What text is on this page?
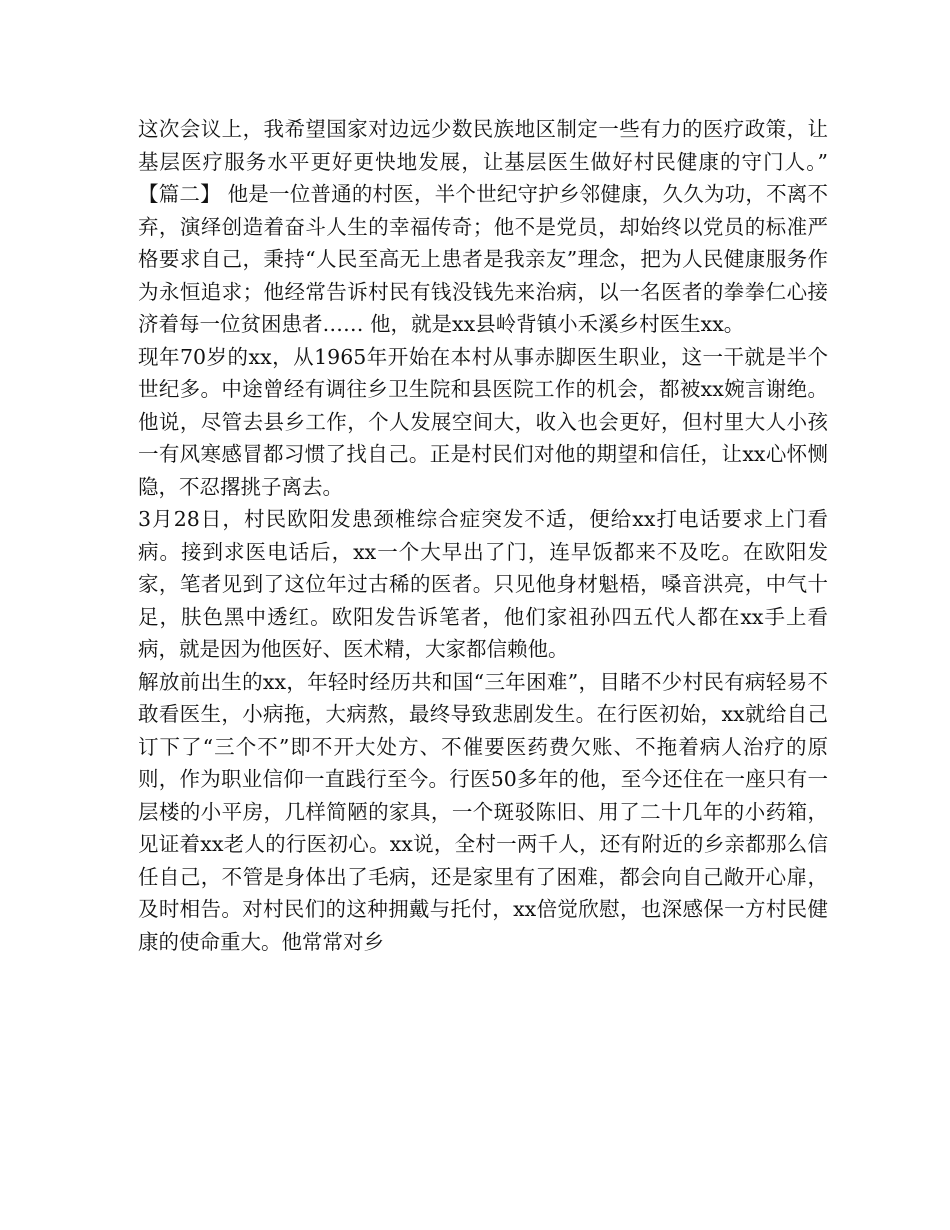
这次会议上，我希望国家对边远少数民族地区制定一些有力的医疗政策，让基层医疗服务水平更好更快地发展，让基层医生做好村民健康的守门人。” 【篇二】 他是一位普通的村医，半个世纪守护乡邻健康，久久为功，不离不弃，演绎创造着奋斗人生的幸福传奇；他不是党员，却始终以党员的标准严格要求自己，秉持“人民至高无上患者是我亲友”理念，把为人民健康服务作为永恒追求；他经常告诉村民有钱没钱先来治病，以一名医者的拳拳仁心接济着每一位贫困患者…… 他，就是xx县岭背镇小禾溪乡村医生xx。

现年70岁的xx，从1965年开始在本村从事赤脚医生职业，这一干就是半个世纪多。中途曾经有调往乡卫生院和县医院工作的机会，都被xx婉言谢绝。他说，尽管去县乡工作，个人发展空间大，收入也会更好，但村里大人小孩一有风寒感冒都习惯了找自己。正是村民们对他的期望和信任，让xx心怀恻隐，不忍撂挑子离去。

3月28日，村民欧阳发患颈椎综合症突发不适，便给xx打电话要求上门看病。接到求医电话后，xx一个大早出了门，连早饭都来不及吃。在欧阳发家，笔者见到了这位年过古稀的医者。只见他身材魁梧，嗓音洪亮，中气十足，肤色黑中透红。欧阳发告诉笔者，他们家祖孙四五代人都在xx手上看病，就是因为他医好、医术精，大家都信赖他。

解放前出生的xx，年轻时经历共和国“三年困难”，目睹不少村民有病轻易不敢看医生，小病拖，大病熬，最终导致悲剧发生。在行医初始，xx就给自己订下了“三个不”即不开大处方、不催要医药费欠账、不拖着病人治疗的原则，作为职业信仰一直践行至今。行医50多年的他，至今还住在一座只有一层楼的小平房，几样简陋的家具，一个斑驳陈旧、用了二十几年的小药箱，见证着xx老人的行医初心。xx说，全村一两千人，还有附近的乡亲都那么信任自己，不管是身体出了毛病，还是家里有了困难，都会向自己敞开心扉，及时相告。对村民们的这种拥戴与托付，xx倍觉欣慰，也深感保一方村民健康的使命重大。他常常对乡
